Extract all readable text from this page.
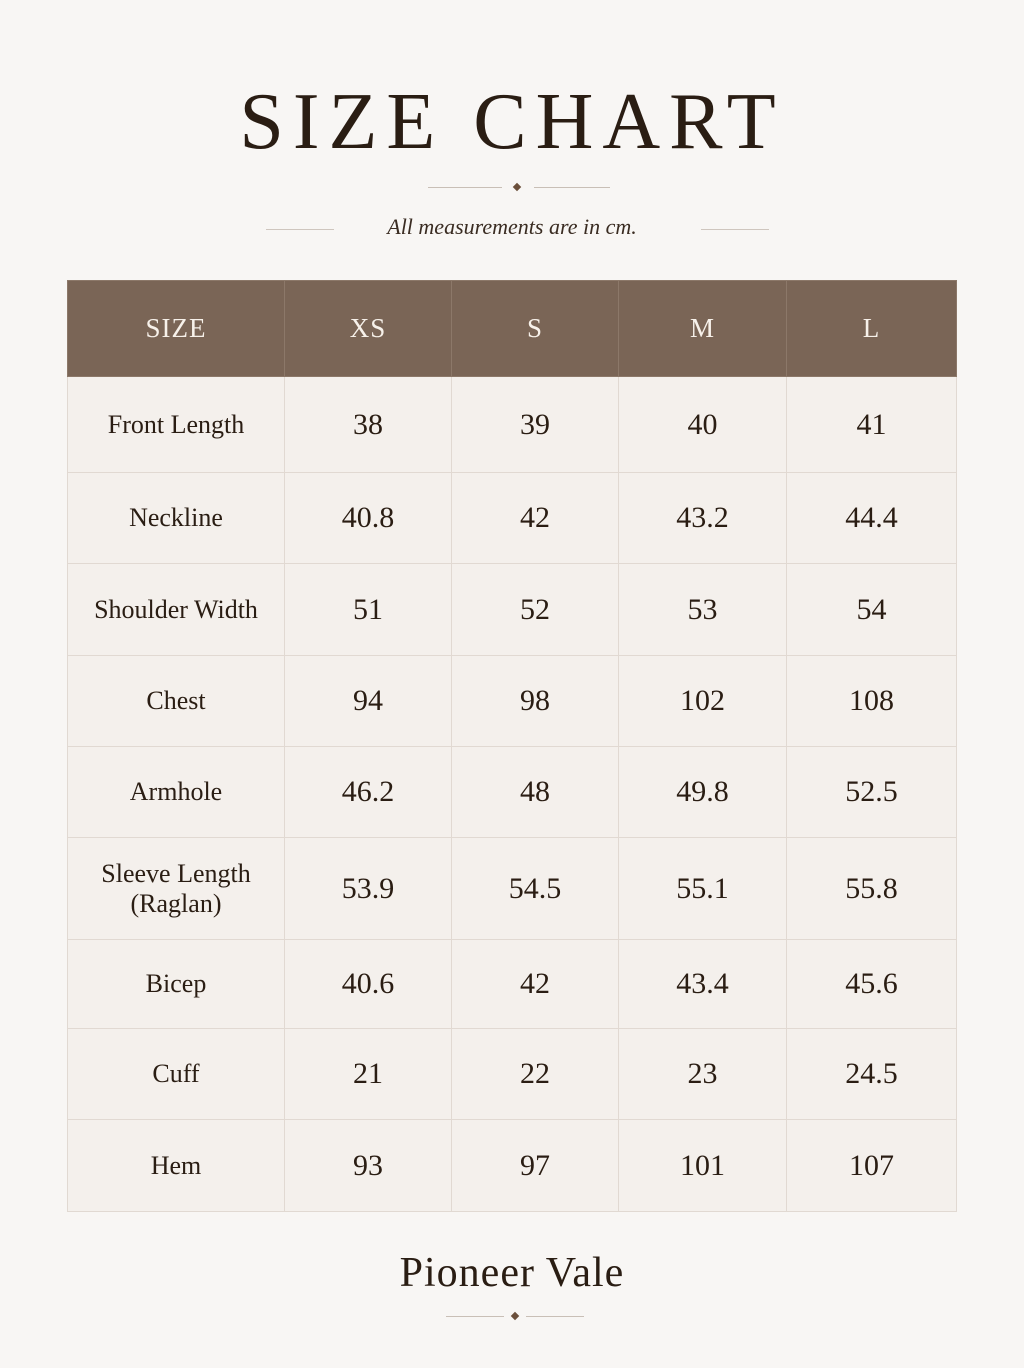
SIZE CHART
All measurements are in cm.
SIZE	XS	S	M	L
Front Length	38	39	40	41
Neckline	40.8	42	43.2	44.4
Shoulder Width	51	52	53	54
Chest	94	98	102	108
Armhole	46.2	48	49.8	52.5
Sleeve Length
(Raglan)	53.9	54.5	55.1	55.8
Bicep	40.6	42	43.4	45.6
Cuff	21	22	23	24.5
Hem	93	97	101	107
Pioneer Vale
